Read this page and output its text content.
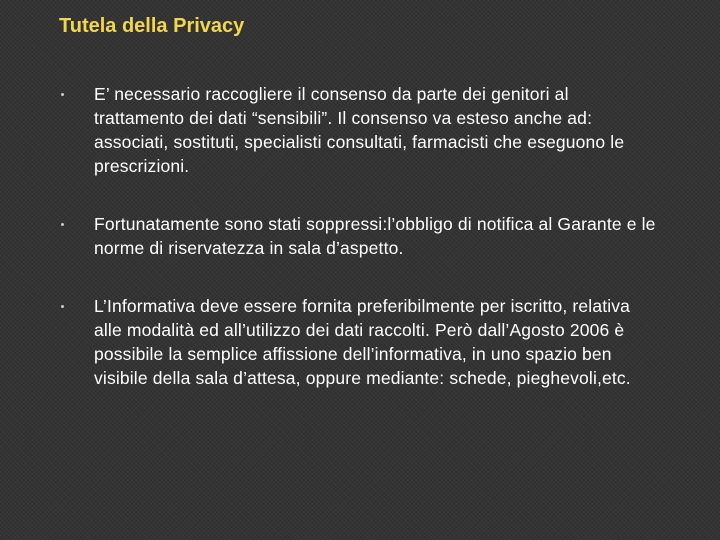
Tutela della Privacy
E’ necessario raccogliere il consenso da parte dei genitori al trattamento dei dati “sensibili”. Il consenso va esteso anche ad: associati, sostituti, specialisti consultati, farmacisti che eseguono le prescrizioni.
Fortunatamente sono stati soppressi:l’obbligo di notifica al Garante e le norme di riservatezza in sala d’aspetto.
L’Informativa deve essere fornita preferibilmente per iscritto, relativa alle modalità ed all’utilizzo dei dati raccolti. Però dall’Agosto 2006 è possibile la semplice affissione dell’informativa, in uno spazio ben visibile della sala d’attesa, oppure mediante: schede, pieghevoli,etc.
